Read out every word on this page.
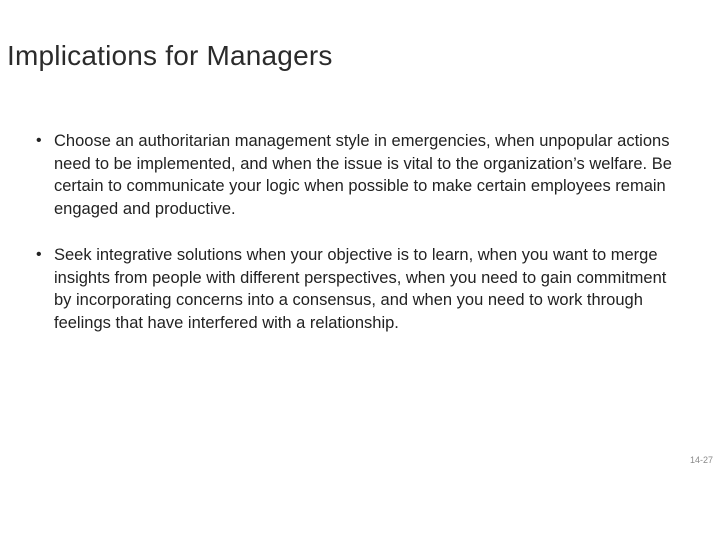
Implications for Managers
• Choose an authoritarian management style in emergencies, when unpopular actions need to be implemented, and when the issue is vital to the organization’s welfare. Be certain to communicate your logic when possible to make certain employees remain engaged and productive.
• Seek integrative solutions when your objective is to learn, when you want to merge insights from people with different perspectives, when you need to gain commitment by incorporating concerns into a consensus, and when you need to work through feelings that have interfered with a relationship.
14-27
